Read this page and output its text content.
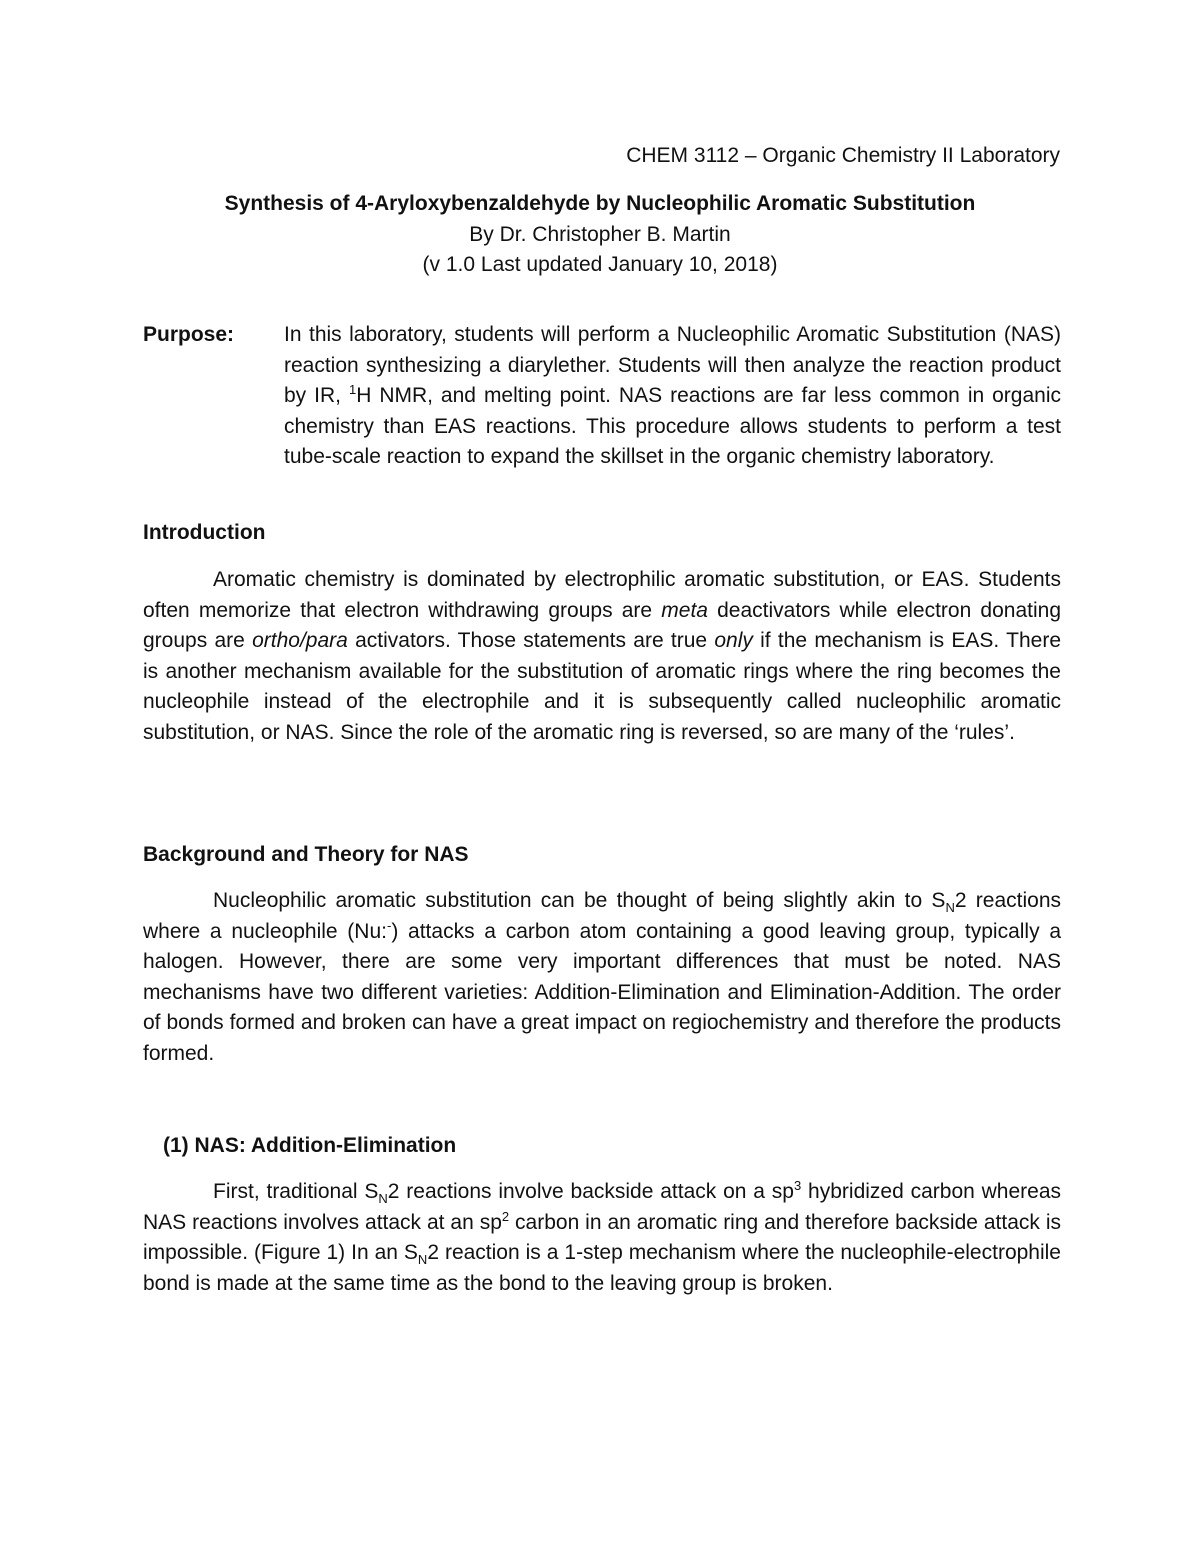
CHEM 3112 – Organic Chemistry II Laboratory
Synthesis of 4-Aryloxybenzaldehyde by Nucleophilic Aromatic Substitution
By Dr. Christopher B. Martin
(v 1.0 Last updated January 10, 2018)
Purpose: In this laboratory, students will perform a Nucleophilic Aromatic Substitution (NAS) reaction synthesizing a diarylether. Students will then analyze the reaction product by IR, $^1$H NMR, and melting point. NAS reactions are far less common in organic chemistry than EAS reactions. This procedure allows students to perform a test tube-scale reaction to expand the skillset in the organic chemistry laboratory.
Introduction
Aromatic chemistry is dominated by electrophilic aromatic substitution, or EAS. Students often memorize that electron withdrawing groups are meta deactivators while electron donating groups are ortho/para activators. Those statements are true only if the mechanism is EAS. There is another mechanism available for the substitution of aromatic rings where the ring becomes the nucleophile instead of the electrophile and it is subsequently called nucleophilic aromatic substitution, or NAS. Since the role of the aromatic ring is reversed, so are many of the ‘rules’.
Background and Theory for NAS
Nucleophilic aromatic substitution can be thought of being slightly akin to $S_N2$ reactions where a nucleophile (Nu:-) attacks a carbon atom containing a good leaving group, typically a halogen. However, there are some very important differences that must be noted. NAS mechanisms have two different varieties: Addition-Elimination and Elimination-Addition. The order of bonds formed and broken can have a great impact on regiochemistry and therefore the products formed.
(1) NAS: Addition-Elimination
First, traditional $S_N2$ reactions involve backside attack on a $sp^3$ hybridized carbon whereas NAS reactions involves attack at an $sp^2$ carbon in an aromatic ring and therefore backside attack is impossible. (Figure 1) In an $S_N2$ reaction is a 1-step mechanism where the nucleophile-electrophile bond is made at the same time as the bond to the leaving group is broken.
